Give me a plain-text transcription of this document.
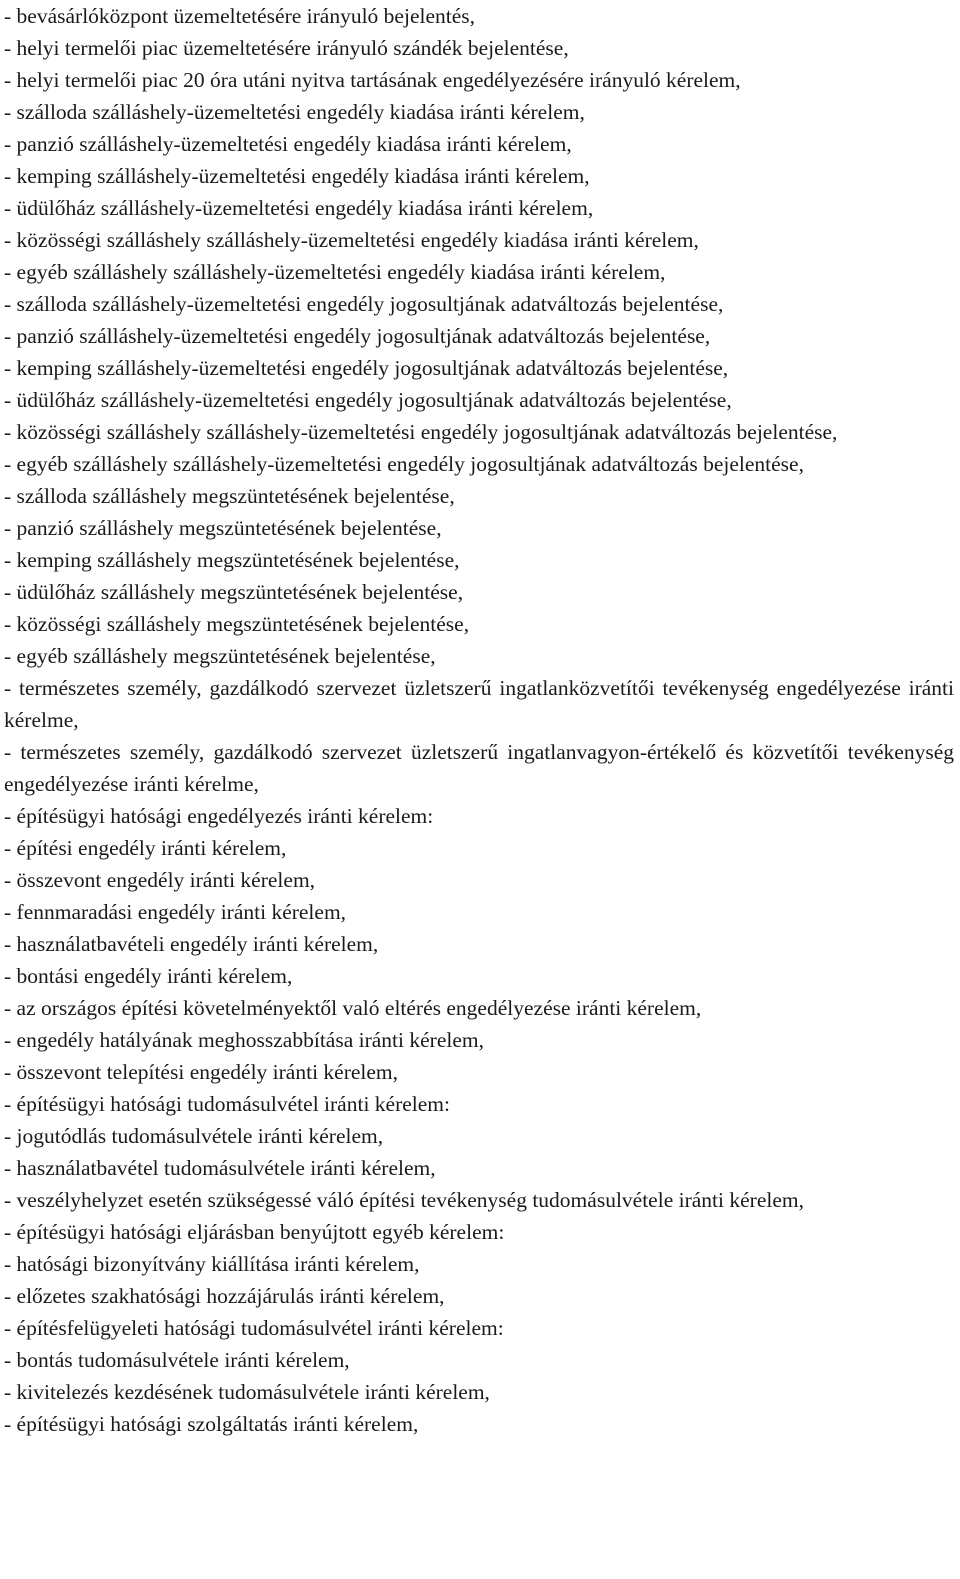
- bevásárlóközpont üzemeltetésére irányuló bejelentés,

- helyi termelői piac üzemeltetésére irányuló szándék bejelentése,

- helyi termelői piac 20 óra utáni nyitva tartásának engedélyezésére irányuló kérelem,

- szálloda szálláshely-üzemeltetési engedély kiadása iránti kérelem,

- panzió szálláshely-üzemeltetési engedély kiadása iránti kérelem,

- kemping szálláshely-üzemeltetési engedély kiadása iránti kérelem,

- üdülőház szálláshely-üzemeltetési engedély kiadása iránti kérelem,

- közösségi szálláshely szálláshely-üzemeltetési engedély kiadása iránti kérelem,

- egyéb szálláshely szálláshely-üzemeltetési engedély kiadása iránti kérelem,

- szálloda szálláshely-üzemeltetési engedély jogosultjának adatváltozás bejelentése,

- panzió szálláshely-üzemeltetési engedély jogosultjának adatváltozás bejelentése,

- kemping szálláshely-üzemeltetési engedély jogosultjának adatváltozás bejelentése,

- üdülőház szálláshely-üzemeltetési engedély jogosultjának adatváltozás bejelentése,

- közösségi szálláshely szálláshely-üzemeltetési engedély jogosultjának adatváltozás bejelentése,

- egyéb szálláshely szálláshely-üzemeltetési engedély jogosultjának adatváltozás bejelentése,

- szálloda szálláshely megszüntetésének bejelentése,

- panzió szálláshely megszüntetésének bejelentése,

- kemping szálláshely megszüntetésének bejelentése,

- üdülőház szálláshely megszüntetésének bejelentése,

- közösségi szálláshely megszüntetésének bejelentése,

- egyéb szálláshely megszüntetésének bejelentése,

- természetes személy, gazdálkodó szervezet üzletszerű ingatlanközvetítői tevékenység engedélyezése iránti kérelme,

- természetes személy, gazdálkodó szervezet üzletszerű ingatlanvagyon-értékelő és közvetítői tevékenység engedélyezése iránti kérelme,

- építésügyi hatósági engedélyezés iránti kérelem:

- építési engedély iránti kérelem,

- összevont engedély iránti kérelem,

- fennmaradási engedély iránti kérelem,

- használatbavételi engedély iránti kérelem,

- bontási engedély iránti kérelem,

- az országos építési követelményektől való eltérés engedélyezése iránti kérelem,

- engedély hatályának meghosszabbítása iránti kérelem,

- összevont telepítési engedély iránti kérelem,

- építésügyi hatósági tudomásulvétel iránti kérelem:

- jogutódlás tudomásulvétele iránti kérelem,

- használatbavétel tudomásulvétele iránti kérelem,

- veszélyhelyzet esetén szükségessé váló építési tevékenység tudomásulvétele iránti kérelem,

- építésügyi hatósági eljárásban benyújtott egyéb kérelem:

- hatósági bizonyítvány kiállítása iránti kérelem,

- előzetes szakhatósági hozzájárulás iránti kérelem,

- építésfelügyeleti hatósági tudomásulvétel iránti kérelem:

- bontás tudomásulvétele iránti kérelem,

- kivitelezés kezdésének tudomásulvétele iránti kérelem,

- építésügyi hatósági szolgáltatás iránti kérelem,
